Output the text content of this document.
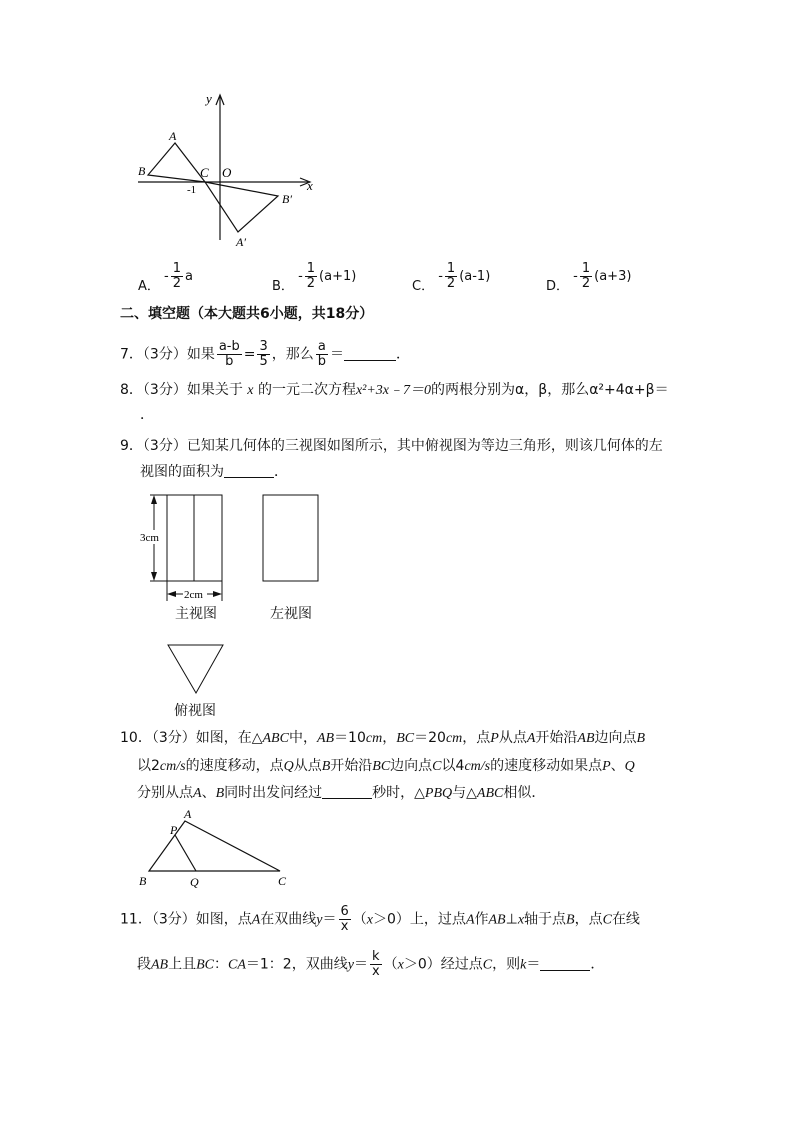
y
x
O
A
B	C
-1
B′
A′
A． - $\frac{1}{2}$ a
B． - $\frac{1}{2} (a+1)$
C． - $\frac{1}{2} (a-1)$
D． - $\frac{1}{2} (a+3)$
二、填空题（本大题共6小题，共18分）
7．（3分）如果 $\frac{a-b}{b} = \frac{3}{5}$ ，那么 $\frac{a}{b}$ ＝	．
8．（3分）如果关于 x 的一元二次方程x²+3x﹣7＝0的两根分别为α，β，那么α²+4α+β＝
．
9．（3分）已知某几何体的三视图如图所示，其中俯视图为等边三角形，则该几何体的左
视图的面积为	．
3cm
2cm
主视图	左视图
俯视图
10．（3分）如图，在△ABC中，AB＝10cm，BC＝20cm，点P从点A开始沿AB边向点B
以2cm/s的速度移动，点Q从点B开始沿BC边向点C以4cm/s的速度移动如果点P、Q
分别从点A、B同时出发问经过	秒时，△PBQ与△ABC相似．
A
P
B	Q	C
11．（3分）如图，点A在双曲线$y= \frac{6}{x} (x>0)$上，过点A作AB⊥x轴于点B，点C在线
段AB上且BC：CA＝1：2，双曲线$y= \frac{k}{x} (x>0)$经过点C，则k＝	．
